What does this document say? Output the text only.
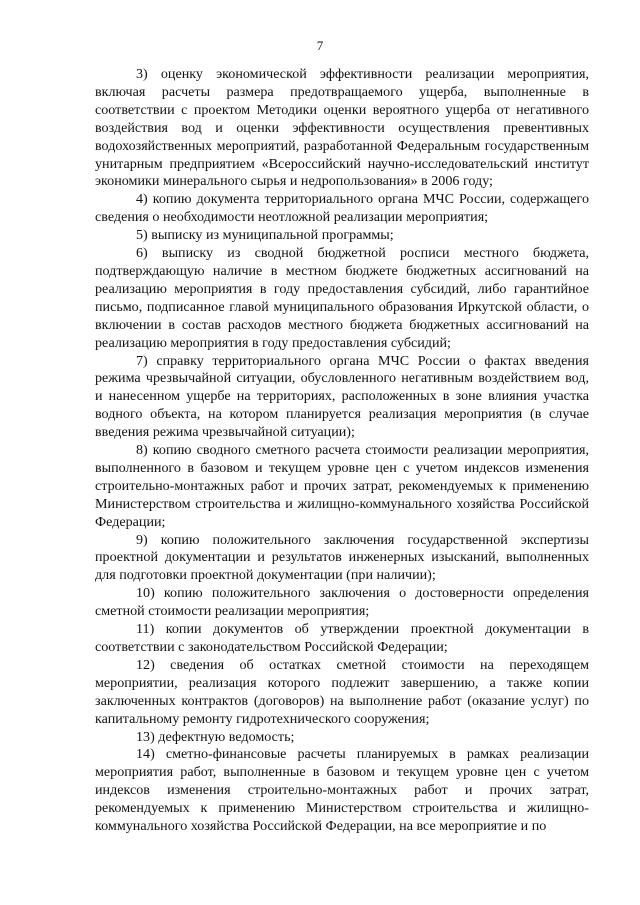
7

3) оценку экономической эффективности реализации мероприятия, включая расчеты размера предотвращаемого ущерба, выполненные в соответствии с проектом Методики оценки вероятного ущерба от негативного воздействия вод и оценки эффективности осуществления превентивных водохозяйственных мероприятий, разработанной Федеральным государственным унитарным предприятием «Всероссийский научно-исследовательский институт экономики минерального сырья и недропользования» в 2006 году;

4) копию документа территориального органа МЧС России, содержащего сведения о необходимости неотложной реализации мероприятия;

5) выписку из муниципальной программы;

6) выписку из сводной бюджетной росписи местного бюджета, подтверждающую наличие в местном бюджете бюджетных ассигнований на реализацию мероприятия в году предоставления субсидий, либо гарантийное письмо, подписанное главой муниципального образования Иркутской области, о включении в состав расходов местного бюджета бюджетных ассигнований на реализацию мероприятия в году предоставления субсидий;

7) справку территориального органа МЧС России о фактах введения режима чрезвычайной ситуации, обусловленного негативным воздействием вод, и нанесенном ущербе на территориях, расположенных в зоне влияния участка водного объекта, на котором планируется реализация мероприятия (в случае введения режима чрезвычайной ситуации);

8) копию сводного сметного расчета стоимости реализации мероприятия, выполненного в базовом и текущем уровне цен с учетом индексов изменения строительно-монтажных работ и прочих затрат, рекомендуемых к применению Министерством строительства и жилищно-коммунального хозяйства Российской Федерации;

9) копию положительного заключения государственной экспертизы проектной документации и результатов инженерных изысканий, выполненных для подготовки проектной документации (при наличии);

10) копию положительного заключения о достоверности определения сметной стоимости реализации мероприятия;

11) копии документов об утверждении проектной документации в соответствии с законодательством Российской Федерации;

12) сведения об остатках сметной стоимости на переходящем мероприятии, реализация которого подлежит завершению, а также копии заключенных контрактов (договоров) на выполнение работ (оказание услуг) по капитальному ремонту гидротехнического сооружения;

13) дефектную ведомость;

14) сметно-финансовые расчеты планируемых в рамках реализации мероприятия работ, выполненные в базовом и текущем уровне цен с учетом индексов изменения строительно-монтажных работ и прочих затрат, рекомендуемых к применению Министерством строительства и жилищно-коммунального хозяйства Российской Федерации, на все мероприятие и по
